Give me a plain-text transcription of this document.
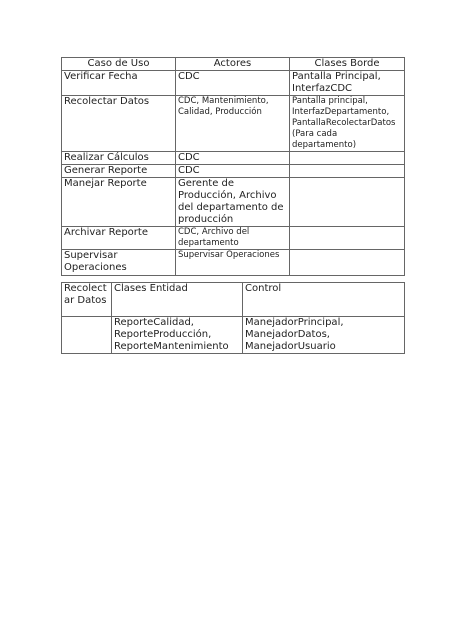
Caso de Uso	Actores	Clases Borde
Verificar Fecha	CDC	Pantalla Principal, InterfazCDC
Recolectar Datos	CDC, Mantenimiento, Calidad, Producción	Pantalla principal, InterfazDepartamento, PantallaRecolectarDatos (Para cada departamento)
Realizar Cálculos	CDC	
Generar Reporte	CDC	
Manejar Reporte	Gerente de Producción, Archivo del departamento de producción	
Archivar Reporte	CDC, Archivo del departamento	
Supervisar Operaciones	Supervisar Operaciones	
Recolectar Datos	Clases Entidad	Control
	ReporteCalidad, ReporteProducción, ReporteMantenimiento	ManejadorPrincipal, ManejadorDatos, ManejadorUsuario
